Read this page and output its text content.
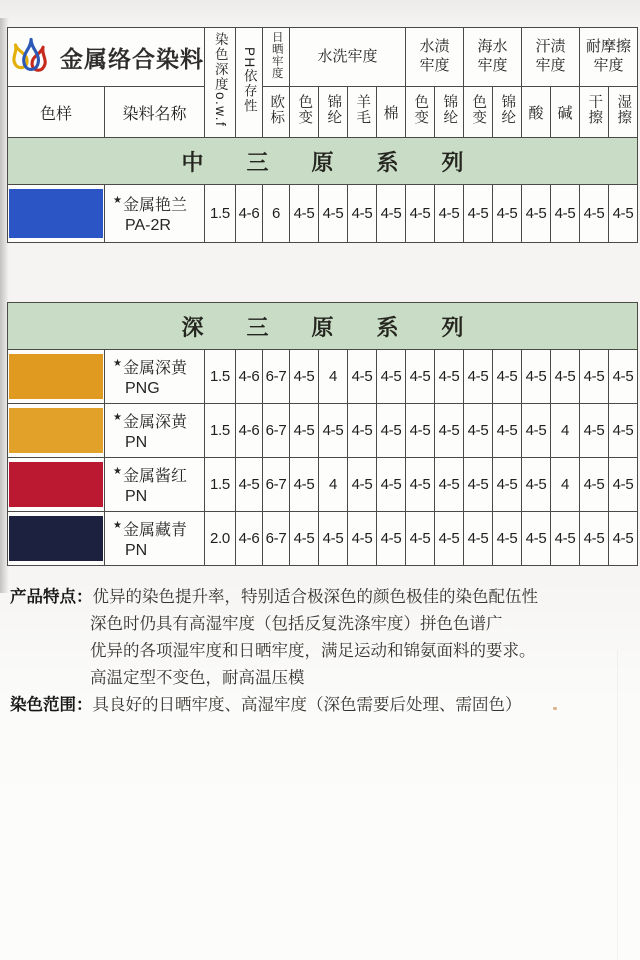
金属络合染料		染色深度o.w.f	PH依存性	日晒牢度	水洗牢度				水渍牢度		海水牢度		汗渍牢度		耐摩擦牢度	
色样	染料名称			欧标	色变	锦纶	羊毛	棉	色变	锦纶	色变	锦纶	酸	碱	干擦	湿擦
中三原系列																

	★金属艳兰
PA-2R	1.5	4-6	6	4-5	4-5	4-5	4-5	4-5	4-5	4-5	4-5	4-5	4-5	4-5	4-5
深三原系列																

	★金属深黄
PNG	1.5	4-6	6-7	4-5	4	4-5	4-5	4-5	4-5	4-5	4-5	4-5	4-5	4-5	4-5

	★金属深黄
PN	1.5	4-6	6-7	4-5	4-5	4-5	4-5	4-5	4-5	4-5	4-5	4-5	4	4-5	4-5

	★金属酱红
PN	1.5	4-5	6-7	4-5	4	4-5	4-5	4-5	4-5	4-5	4-5	4-5	4	4-5	4-5

	★金属藏青
PN	2.0	4-6	6-7	4-5	4-5	4-5	4-5	4-5	4-5	4-5	4-5	4-5	4-5	4-5	4-5
产品特点：优异的染色提升率，特别适合极深色的颜色极佳的染色配伍性
深色时仍具有高湿牢度（包括反复洗涤牢度）拼色色谱广
优异的各项湿牢度和日晒牢度，满足运动和锦氨面料的要求。
高温定型不变色，耐高温压模
染色范围：具良好的日晒牢度、高湿牢度（深色需要后处理、需固色）
